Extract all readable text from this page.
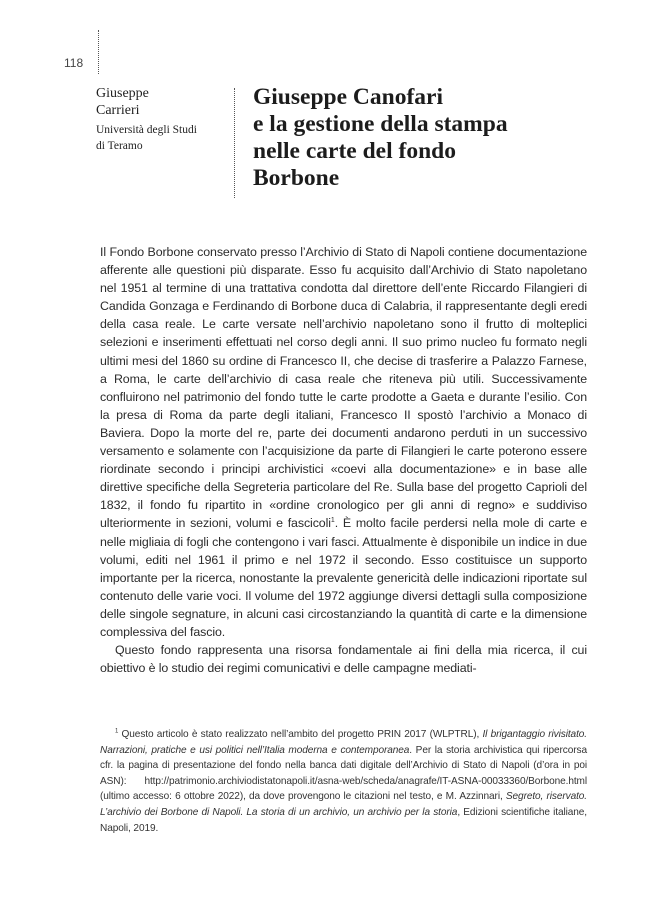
118
Giuseppe
Carrieri
Università degli Studi
di Teramo
Giuseppe Canofari
e la gestione della stampa
nelle carte del fondo
Borbone

Il Fondo Borbone conservato presso l’Archivio di Stato di Napoli contiene documentazione afferente alle questioni più disparate. Esso fu acquisito dall’Archivio di Stato napoletano nel 1951 al termine di una trattativa condotta dal direttore dell’ente Riccardo Filangieri di Candida Gonzaga e Ferdinando di Borbone duca di Calabria, il rappresentante degli eredi della casa reale. Le carte versate nell’archivio napoletano sono il frutto di molteplici selezioni e inserimenti effettuati nel corso degli anni. Il suo primo nucleo fu formato negli ultimi mesi del 1860 su ordine di Francesco II, che decise di trasferire a Palazzo Farnese, a Roma, le carte dell’archivio di casa reale che riteneva più utili. Successivamente confluirono nel patrimonio del fondo tutte le carte prodotte a Gaeta e durante l’esilio. Con la presa di Roma da parte degli italiani, Francesco II spostò l’archivio a Monaco di Baviera. Dopo la morte del re, parte dei documenti andarono perduti in un successivo versamento e solamente con l’acquisizione da parte di Filangieri le carte poterono essere riordinate secondo i principi archivistici «coevi alla documentazione» e in base alle direttive specifiche della Segreteria particolare del Re. Sulla base del progetto Caprioli del 1832, il fondo fu ripartito in «ordine cronologico per gli anni di regno» e suddiviso ulteriormente in sezioni, volumi e fascicoli$^1$. È molto facile perdersi nella mole di carte e nelle migliaia di fogli che contengono i vari fasci. Attualmente è disponibile un indice in due volumi, editi nel 1961 il primo e nel 1972 il secondo. Esso costituisce un supporto importante per la ricerca, nonostante la prevalente genericità delle indicazioni riportate sul contenuto delle varie voci. Il volume del 1972 aggiunge diversi dettagli sulla composizione delle singole segnature, in alcuni casi circostanziando la quantità di carte e la dimensione complessiva del fascio.

Questo fondo rappresenta una risorsa fondamentale ai fini della mia ricerca, il cui obiettivo è lo studio dei regimi comunicativi e delle campagne mediati-

$^1$ Questo articolo è stato realizzato nell’ambito del progetto PRIN 2017 (WLPTRL), Il brigantaggio rivisitato. Narrazioni, pratiche e usi politici nell’Italia moderna e contemporanea. Per la storia archivistica qui ripercorsa cfr. la pagina di presentazione del fondo nella banca dati digitale dell’Archivio di Stato di Napoli (d’ora in poi ASN): http://patrimonio.archiviodistatonapoli.it/asna-web/scheda/anagrafe/IT-ASNA-00033360/Borbone.html (ultimo accesso: 6 ottobre 2022), da dove provengono le citazioni nel testo, e M. Azzinnari, Segreto, riservato. L’archivio dei Borbone di Napoli. La storia di un archivio, un archivio per la storia, Edizioni scientifiche italiane, Napoli, 2019.
